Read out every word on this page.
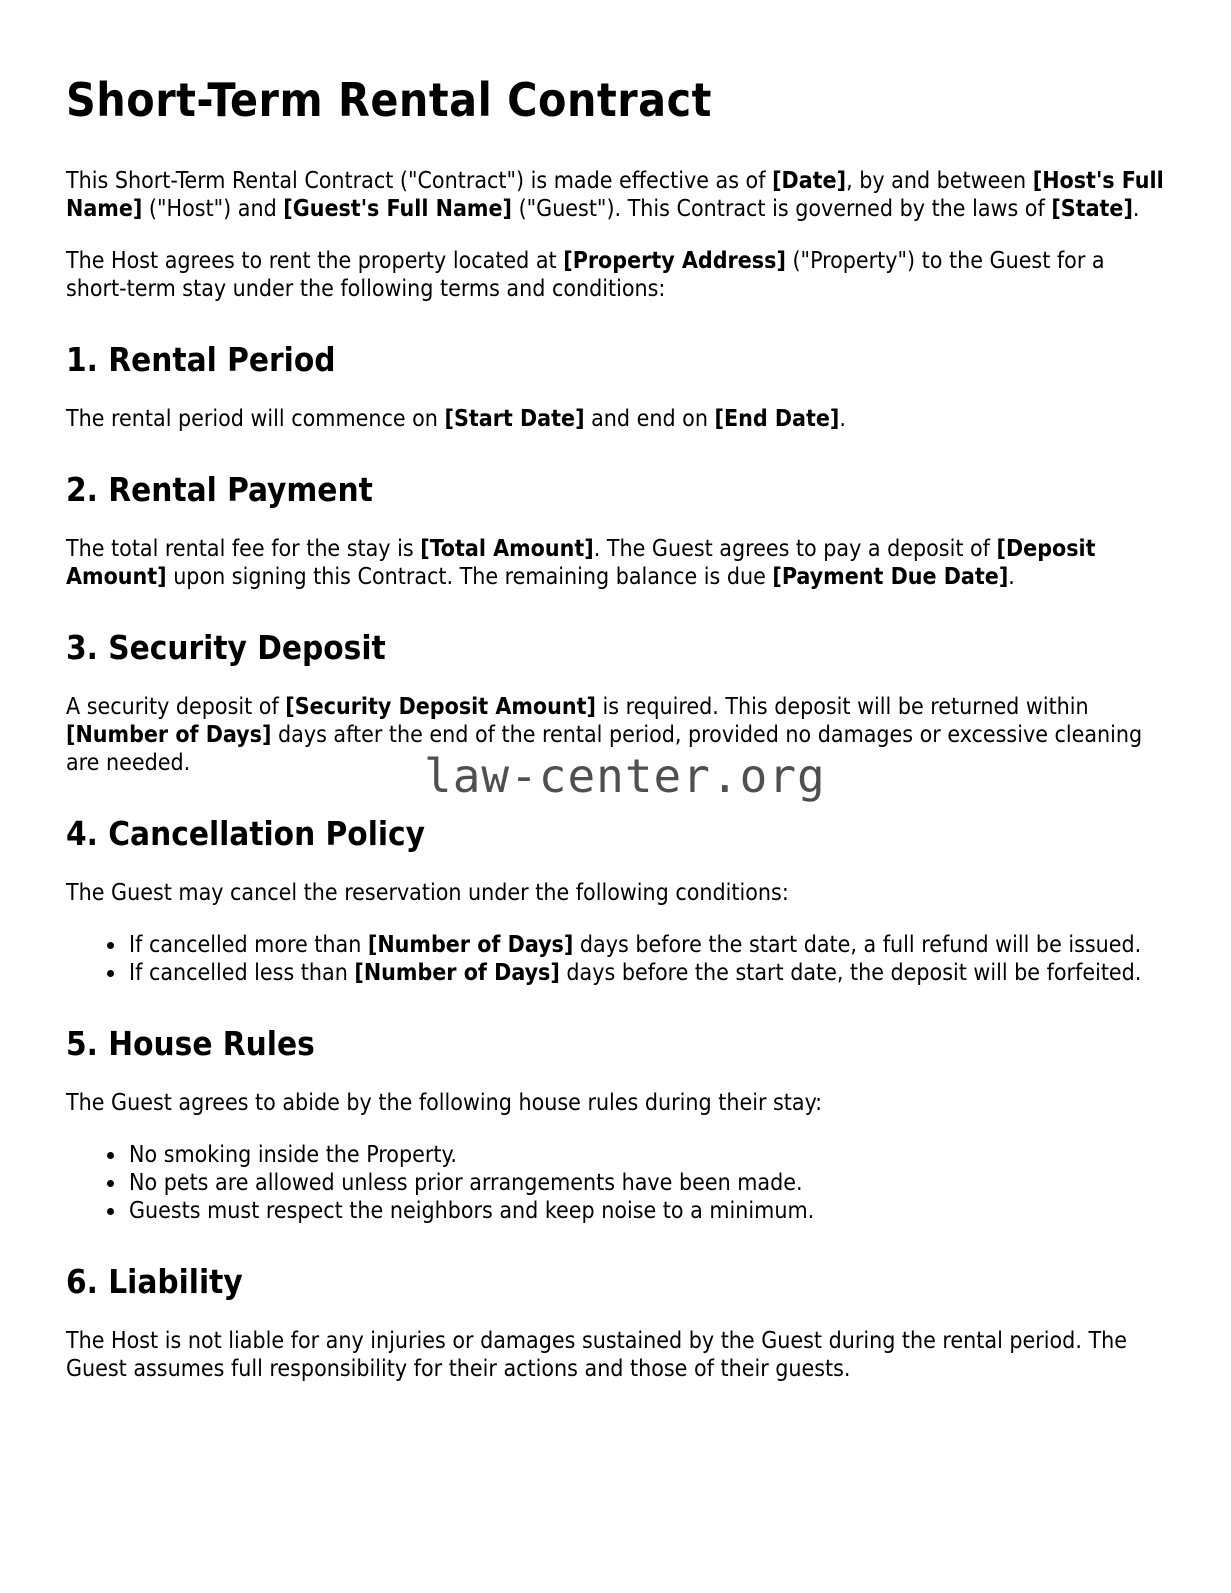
law-center.org
Short-Term Rental Contract

This Short-Term Rental Contract ("Contract") is made effective as of [Date], by and between [Host's Full Name] ("Host") and [Guest's Full Name] ("Guest"). This Contract is governed by the laws of [State].

The Host agrees to rent the property located at [Property Address] ("Property") to the Guest for a short-term stay under the following terms and conditions:

1. Rental Period

The rental period will commence on [Start Date] and end on [End Date].

2. Rental Payment

The total rental fee for the stay is [Total Amount]. The Guest agrees to pay a deposit of [Deposit Amount] upon signing this Contract. The remaining balance is due [Payment Due Date].

3. Security Deposit

A security deposit of [Security Deposit Amount] is required. This deposit will be returned within [Number of Days] days after the end of the rental period, provided no damages or excessive cleaning are needed.

4. Cancellation Policy

The Guest may cancel the reservation under the following conditions:

• If cancelled more than [Number of Days] days before the start date, a full refund will be issued.
• If cancelled less than [Number of Days] days before the start date, the deposit will be forfeited.
5. House Rules

The Guest agrees to abide by the following house rules during their stay:

• No smoking inside the Property.
• No pets are allowed unless prior arrangements have been made.
• Guests must respect the neighbors and keep noise to a minimum.
6. Liability

The Host is not liable for any injuries or damages sustained by the Guest during the rental period. The Guest assumes full responsibility for their actions and those of their guests.
